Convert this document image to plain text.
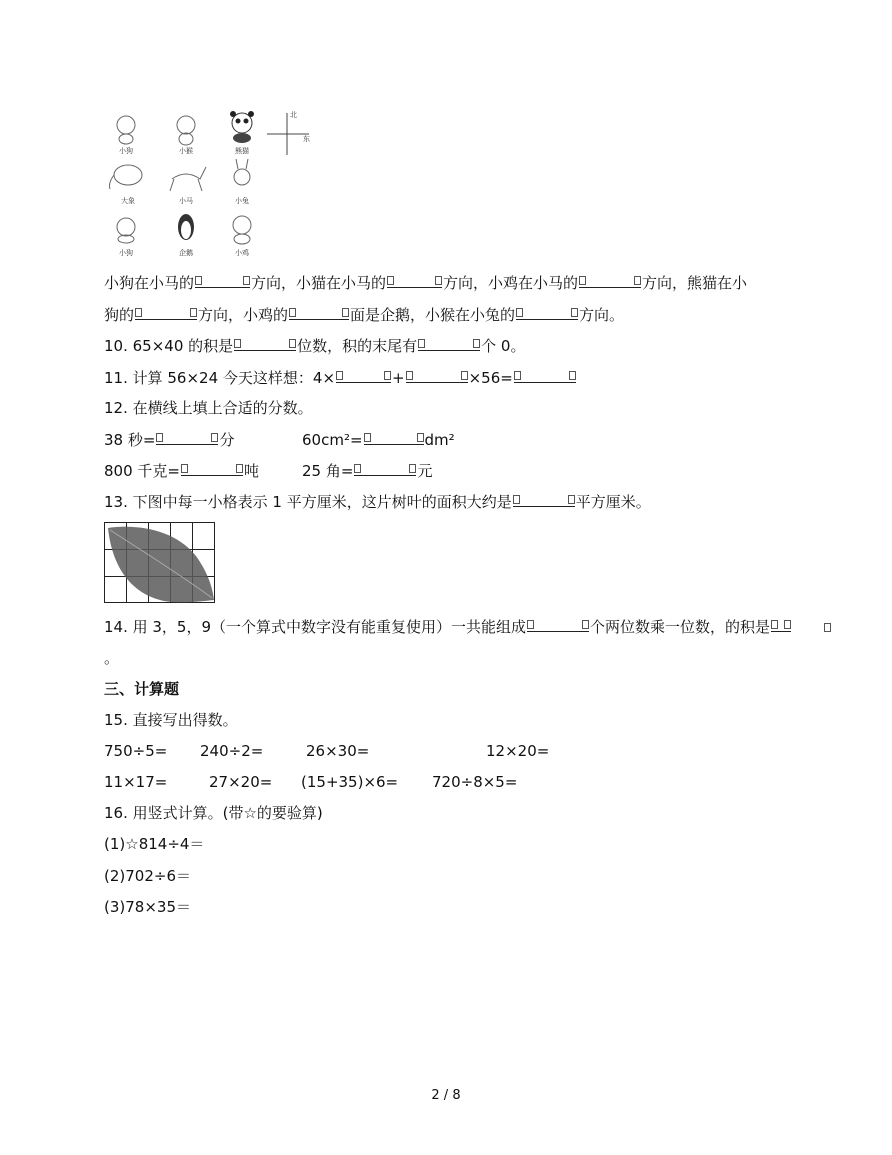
小狗	小猴	熊猫
北
东
大象	小马	小兔
小狗	企鹅	小鸡
小狗在小马的	方向，小猫在小马的	方向，小鸡在小马的	方向，熊猫在小
狗的	方向，小鸡的	面是企鹅，小猴在小兔的	方向。
10. 65×40 的积是	位数，积的末尾有	个 0。
11. 计算 56×24 今天这样想：4×	+	×56=
12. 在横线上填上合适的分数。
38 秒=	分	60cm²=	dm²
800 千克=	吨	25 角=	元
13. 下图中每一小格表示 1 平方厘米，这片树叶的面积大约是	平方厘米。
14. 用 3，5，9（一个算式中数字没有能重复使用）一共能组成	个两位数乘一位数，的积是
。
三、计算题
15. 直接写出得数。
750÷5= 240÷2=	26×30=	12×20=
11×17=	27×20= (15+35)×6= 720÷8×5=
16. 用竖式计算。(带☆的要验算)
(1)☆814÷4＝
(2)702÷6＝
(3)78×35＝
2 / 8
